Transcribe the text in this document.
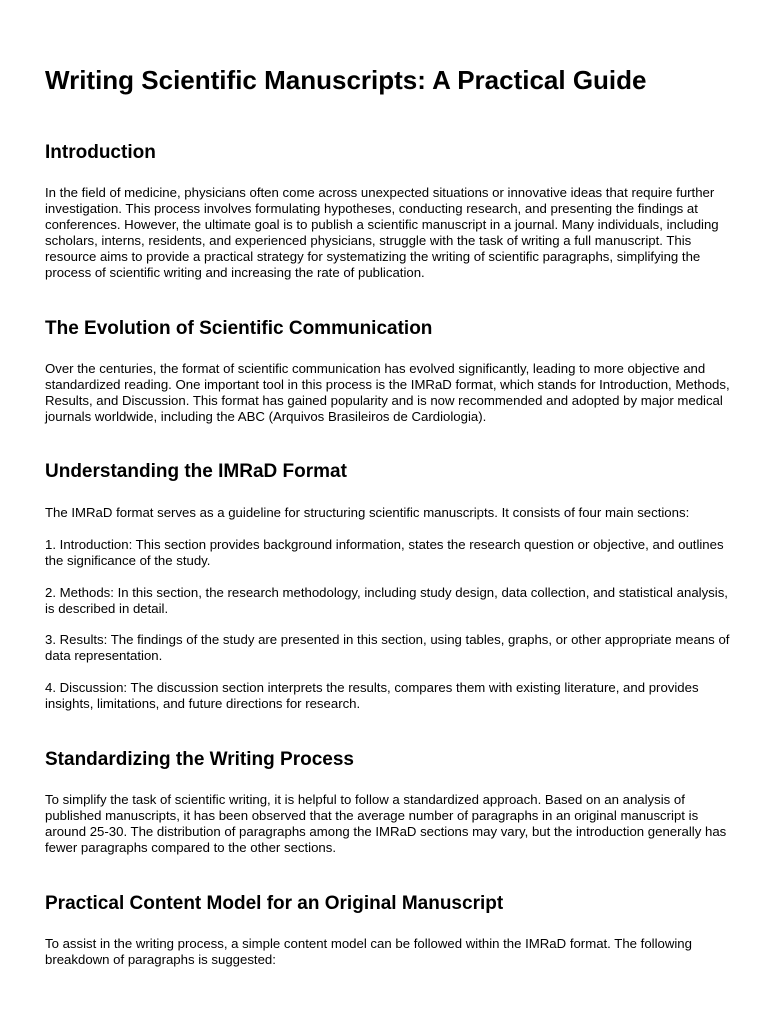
Writing Scientific Manuscripts: A Practical Guide
Introduction

In the field of medicine, physicians often come across unexpected situations or innovative ideas that require further investigation. This process involves formulating hypotheses, conducting research, and presenting the findings at conferences. However, the ultimate goal is to publish a scientific manuscript in a journal. Many individuals, including scholars, interns, residents, and experienced physicians, struggle with the task of writing a full manuscript. This resource aims to provide a practical strategy for systematizing the writing of scientific paragraphs, simplifying the process of scientific writing and increasing the rate of publication.

The Evolution of Scientific Communication

Over the centuries, the format of scientific communication has evolved significantly, leading to more objective and standardized reading. One important tool in this process is the IMRaD format, which stands for Introduction, Methods, Results, and Discussion. This format has gained popularity and is now recommended and adopted by major medical journals worldwide, including the ABC (Arquivos Brasileiros de Cardiologia).

Understanding the IMRaD Format

The IMRaD format serves as a guideline for structuring scientific manuscripts. It consists of four main sections:

1. Introduction: This section provides background information, states the research question or objective, and outlines the significance of the study.

2. Methods: In this section, the research methodology, including study design, data collection, and statistical analysis, is described in detail.

3. Results: The findings of the study are presented in this section, using tables, graphs, or other appropriate means of data representation.

4. Discussion: The discussion section interprets the results, compares them with existing literature, and provides insights, limitations, and future directions for research.

Standardizing the Writing Process

To simplify the task of scientific writing, it is helpful to follow a standardized approach. Based on an analysis of published manuscripts, it has been observed that the average number of paragraphs in an original manuscript is around 25-30. The distribution of paragraphs among the IMRaD sections may vary, but the introduction generally has fewer paragraphs compared to the other sections.

Practical Content Model for an Original Manuscript

To assist in the writing process, a simple content model can be followed within the IMRaD format. The following breakdown of paragraphs is suggested:
